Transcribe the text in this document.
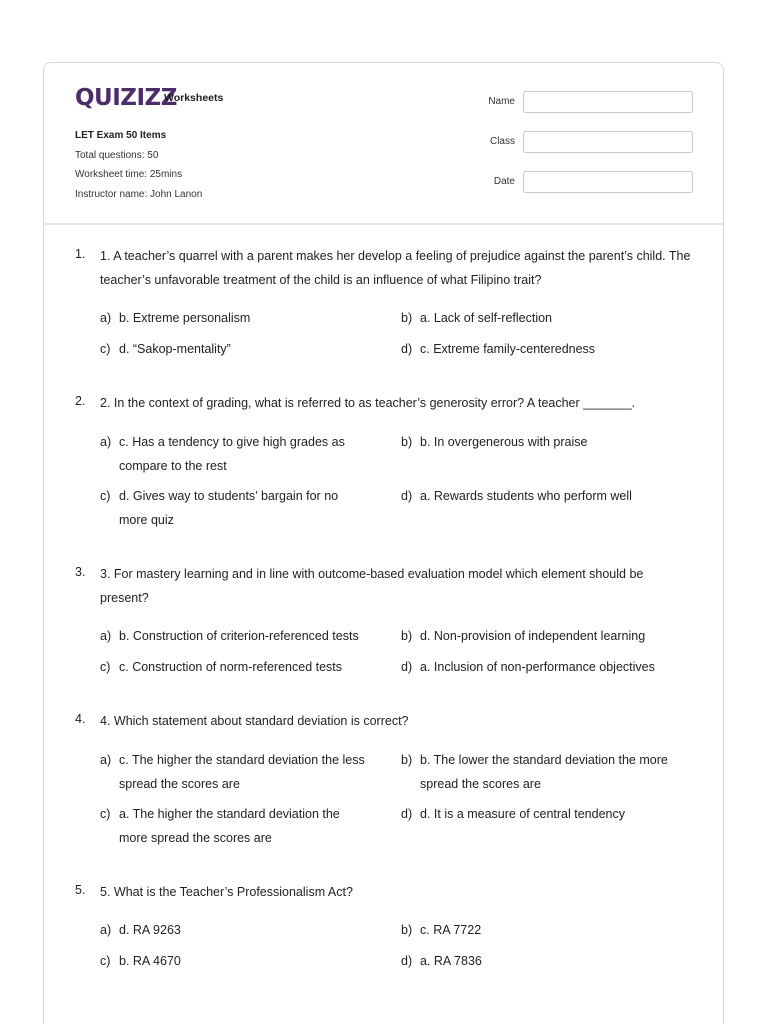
QUIZIZZ
Worksheets
LET Exam 50 Items
Total questions: 50
Worksheet time: 25mins
Instructor name: John Lanon
Name
Class
Date
1. 1. A teacher’s quarrel with a parent makes her develop a feeling of prejudice against the parent’s child. The teacher’s unfavorable treatment of the child is an influence of what Filipino trait?
a) b. Extreme personalism	b) a. Lack of self-reflection
c) d. “Sakop-mentality”	d) c. Extreme family-centeredness
2. 2. In the context of grading, what is referred to as teacher’s generosity error? A teacher _______.
a) c. Has a tendency to give high grades as compare to the rest
b) b. In overgenerous with praise
c) d. Gives way to students’ bargain for no more quiz
d) a. Rewards students who perform well
3. 3. For mastery learning and in line with outcome-based evaluation model which element should be present?
a) b. Construction of criterion-referenced tests	b) d. Non-provision of independent learning
c) c. Construction of norm-referenced tests	d) a. Inclusion of non-performance objectives
4. 4. Which statement about standard deviation is correct?
a) c. The higher the standard deviation the less spread the scores are
b) b. The lower the standard deviation the more spread the scores are
c) a. The higher the standard deviation the more spread the scores are
d) d. It is a measure of central tendency
5. 5. What is the Teacher’s Professionalism Act?
a) d. RA 9263	b) c. RA 7722
c) b. RA 4670	d) a. RA 7836
